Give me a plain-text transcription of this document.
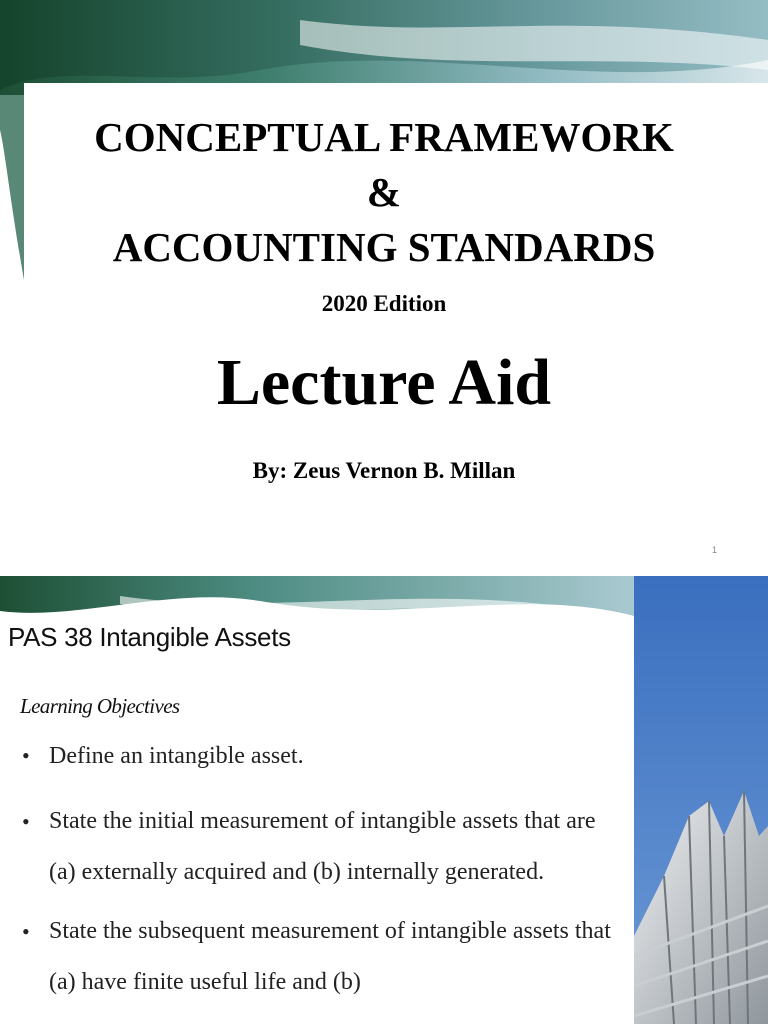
CONCEPTUAL FRAMEWORK
&
ACCOUNTING STANDARDS
2020 Edition
Lecture Aid
By: Zeus Vernon B. Millan
1
PAS 38 Intangible Assets
Learning Objectives
• Define an intangible asset.
• State the initial measurement of intangible assets that are (a) externally acquired and (b) internally generated.
• State the subsequent measurement of intangible assets that (a) have finite useful life and (b)
